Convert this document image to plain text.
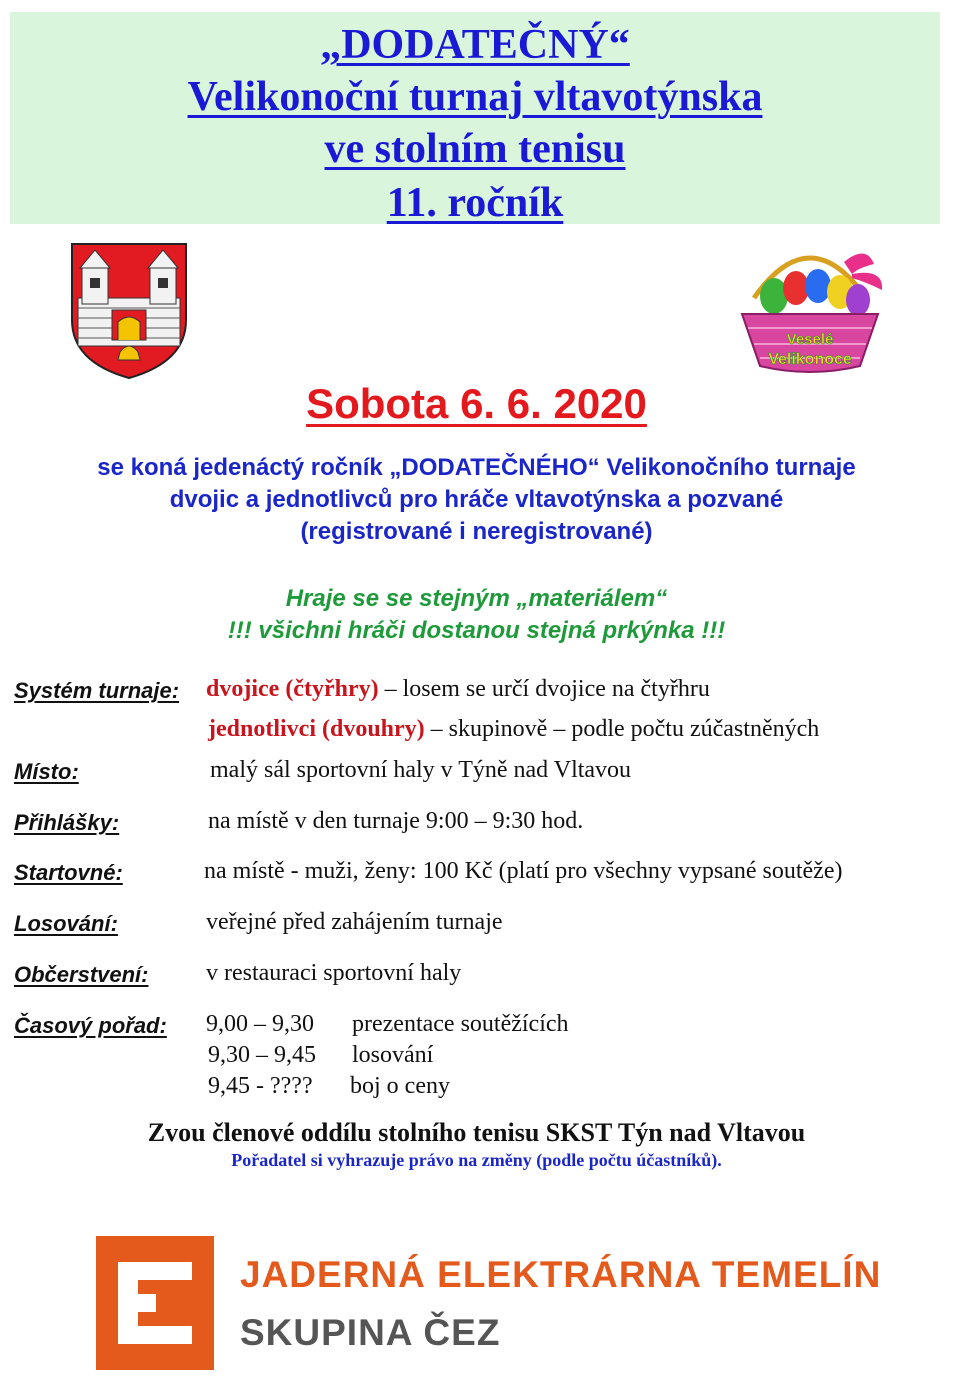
„DODATEČNÝ“
Velikonoční turnaj vltavotýnska
ve stolním tenisu
11. ročník
Veselé
Velikonoce
Sobota 6. 6. 2020
se koná jedenáctý ročník „DODATEČNÉHO“ Velikonočního turnaje
dvojic a jednotlivců pro hráče vltavotýnska a pozvané
(registrované i neregistrované)
Hraje se se stejným „materiálem“
!!! všichni hráči dostanou stejná prkýnka !!!
Systém turnaje: dvojice (čtyřhry) – losem se určí dvojice na čtyřhru
jednotlivci (dvouhry) – skupinově – podle počtu zúčastněných
Místo:	malý sál sportovní haly v Týně nad Vltavou
Přihlášky:	na místě v den turnaje 9:00 – 9:30 hod.
Startovné:	na místě - muži, ženy: 100 Kč (platí pro všechny vypsané soutěže)
Losování:	veřejné před zahájením turnaje
Občerstvení: v restauraci sportovní haly
Časový pořad: 9,00 – 9,30 prezentace soutěžících
9,30 – 9,45 losování
9,45 - ???? boj o ceny
Zvou členové oddílu stolního tenisu SKST Týn nad Vltavou
Pořadatel si vyhrazuje právo na změny (podle počtu účastníků).
JADERNÁ ELEKTRÁRNA TEMELÍN
SKUPINA ČEZ
